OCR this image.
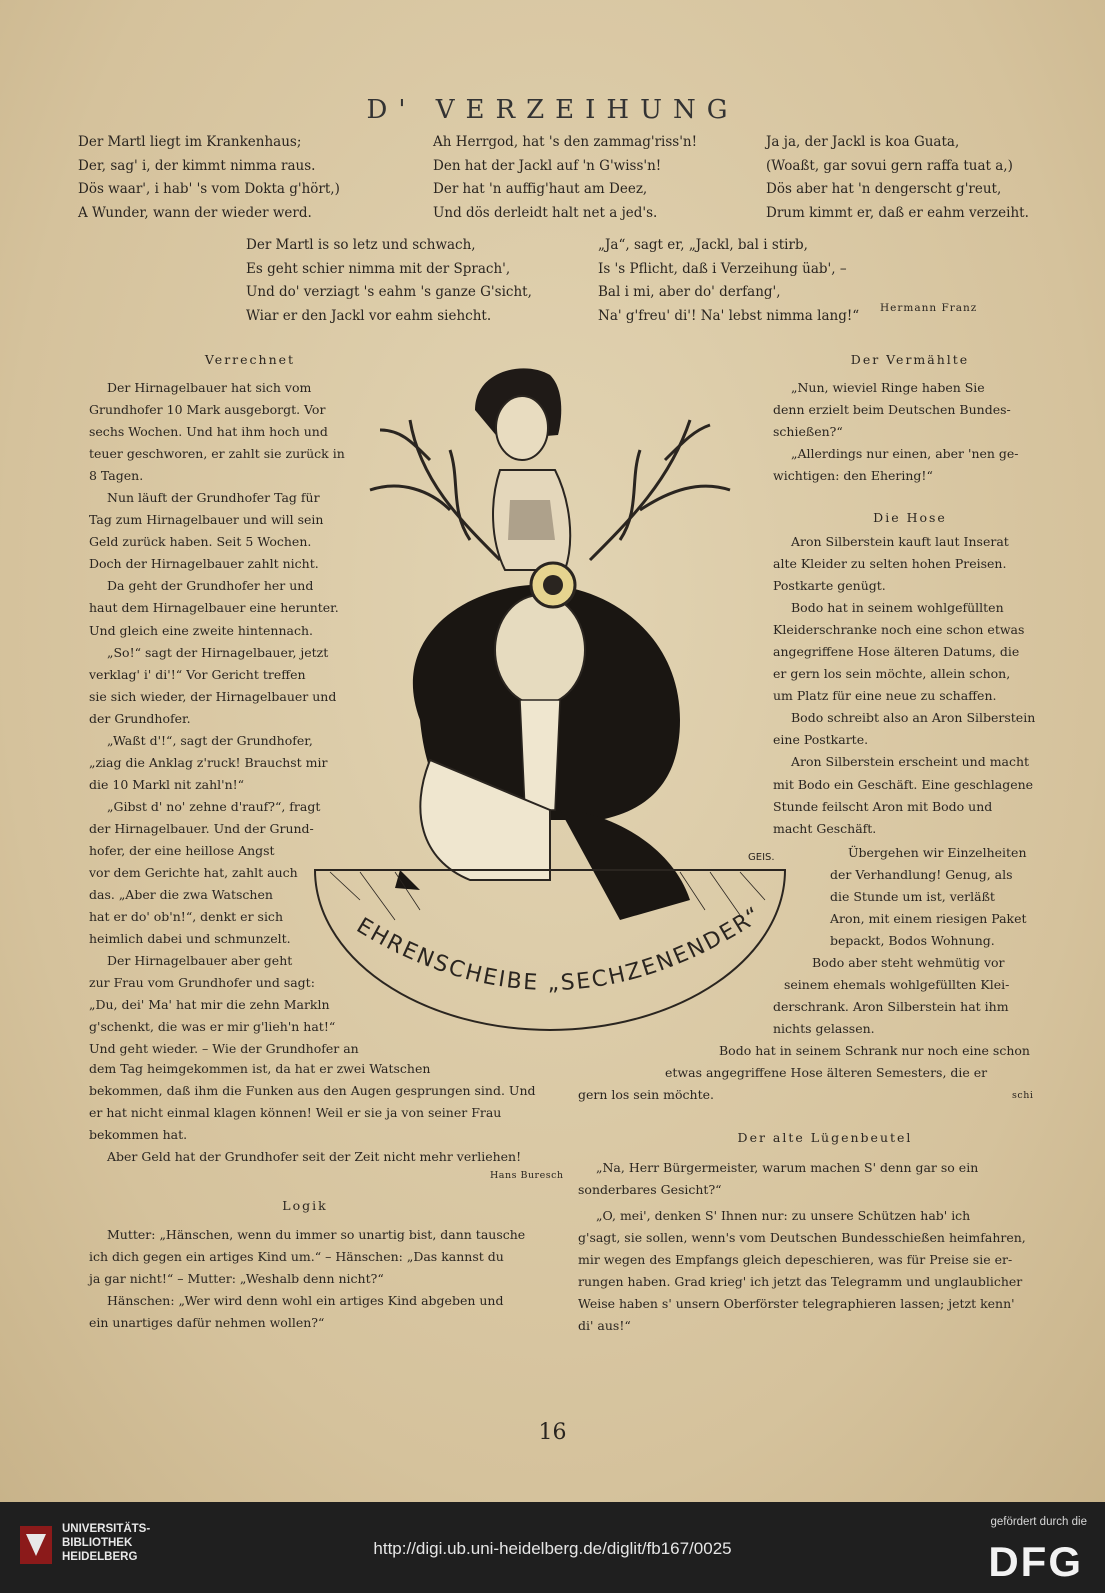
D' VERZEIHUNG
Der Martl liegt im Krankenhaus;
Der, sag' i, der kimmt nimma raus.
Dös waar', i hab' 's vom Dokta g'hört,)
A Wunder, wann der wieder werd.
Ah Herrgod, hat 's den zammag'riss'n!
Den hat der Jackl auf 'n G'wiss'n!
Der hat 'n auffig'haut am Deez,
Und dös derleidt halt net a jed's.
Ja ja, der Jackl is koa Guata,
(Woaßt, gar sovui gern raffa tuat a,)
Dös aber hat 'n dengerscht g'reut,
Drum kimmt er, daß er eahm verzeiht.
Der Martl is so letz und schwach,
Es geht schier nimma mit der Sprach',
Und do' verziagt 's eahm 's ganze G'sicht,
Wiar er den Jackl vor eahm siehcht.
„Ja“, sagt er, „Jackl, bal i stirb,
Is 's Pflicht, daß i Verzeihung üab', –
Bal i mi, aber do' derfang',
Na' g'freu' di'! Na' lebst nimma lang!“ Hermann Franz
Verrechnet
Der Hirnagelbauer hat sich vom
Grundhofer 10 Mark ausgeborgt. Vor
sechs Wochen. Und hat ihm hoch und
teuer geschworen, er zahlt sie zurück in
8 Tagen.
Nun läuft der Grundhofer Tag für
Tag zum Hirnagelbauer und will sein
Geld zurück haben. Seit 5 Wochen.
Doch der Hirnagelbauer zahlt nicht.
Da geht der Grundhofer her und
haut dem Hirnagelbauer eine herunter.
Und gleich eine zweite hintennach.
„So!“ sagt der Hirnagelbauer, jetzt
verklag' i' di'!“ Vor Gericht treffen
sie sich wieder, der Hirnagelbauer und
der Grundhofer.
„Waßt d'!“, sagt der Grundhofer,
„ziag die Anklag z'ruck! Brauchst mir
die 10 Markl nit zahl'n!“
„Gibst d' no' zehne d'rauf?“, fragt
der Hirnagelbauer. Und der Grund-
hofer, der eine heillose Angst
vor dem Gerichte hat, zahlt auch
das. „Aber die zwa Watschen
hat er do' ob'n!“, denkt er sich
heimlich dabei und schmunzelt.
Der Hirnagelbauer aber geht
zur Frau vom Grundhofer und sagt:
„Du, dei' Ma' hat mir die zehn Markln
g'schenkt, die was er mir g'lieh'n hat!“
Und geht wieder. – Wie der Grundhofer an
dem Tag heimgekommen ist, da hat er zwei Watschen
bekommen, daß ihm die Funken aus den Augen gesprungen sind. Und
er hat nicht einmal klagen können! Weil er sie ja von seiner Frau
bekommen hat.
Aber Geld hat der Grundhofer seit der Zeit nicht mehr verliehen!
Hans Buresch
Logik
Mutter: „Hänschen, wenn du immer so unartig bist, dann tausche
ich dich gegen ein artiges Kind um.“ – Hänschen: „Das kannst du
ja gar nicht!“ – Mutter: „Weshalb denn nicht?“
Hänschen: „Wer wird denn wohl ein artiges Kind abgeben und
ein unartiges dafür nehmen wollen?“
Der Vermählte
„Nun, wieviel Ringe haben Sie
denn erzielt beim Deutschen Bundes-
schießen?“
„Allerdings nur einen, aber 'nen ge-
wichtigen: den Ehering!“
Die Hose
Aron Silberstein kauft laut Inserat
alte Kleider zu selten hohen Preisen.
Postkarte genügt.
Bodo hat in seinem wohlgefüllten
Kleiderschranke noch eine schon etwas
angegriffene Hose älteren Datums, die
er gern los sein möchte, allein schon,
um Platz für eine neue zu schaffen.
Bodo schreibt also an Aron Silberstein
eine Postkarte.
Aron Silberstein erscheint und macht
mit Bodo ein Geschäft. Eine geschlagene
Stunde feilscht Aron mit Bodo und
macht Geschäft.
Übergehen wir Einzelheiten
der Verhandlung! Genug, als
die Stunde um ist, verläßt
Aron, mit einem riesigen Paket
bepackt, Bodos Wohnung.
Bodo aber steht wehmütig vor
seinem ehemals wohlgefüllten Klei-
derschrank. Aron Silberstein hat ihm
nichts gelassen.
Bodo hat in seinem Schrank nur noch eine schon
etwas angegriffene Hose älteren Semesters, die er
gern los sein möchte.	schi
Der alte Lügenbeutel
„Na, Herr Bürgermeister, warum machen S' denn gar so ein
sonderbares Gesicht?“
„O, mei', denken S' Ihnen nur: zu unsere Schützen hab' ich
g'sagt, sie sollen, wenn's vom Deutschen Bundesschießen heimfahren,
mir wegen des Empfangs gleich depeschieren, was für Preise sie er-
rungen haben. Grad krieg' ich jetzt das Telegramm und unglaublicher
Weise haben s' unsern Oberförster telegraphieren lassen; jetzt kenn'
di' aus!“
EHRENSCHEIBE „SECHZENENDER“
GEIS.
16
UNIVERSITÄTS-
BIBLIOTHEK
HEIDELBERG	http://digi.ub.uni-heidelberg.de/diglit/fb167/0025
gefördert durch die
DFG
